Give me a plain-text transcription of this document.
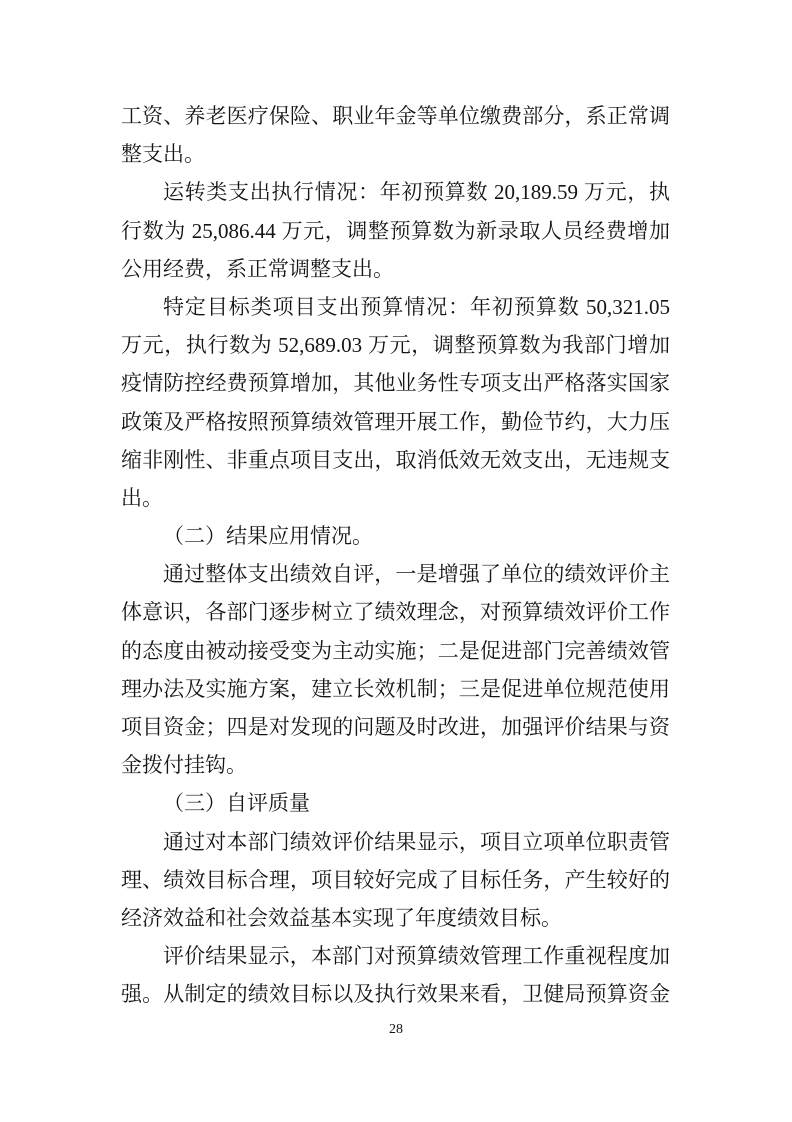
工资、养老医疗保险、职业年金等单位缴费部分，系正常调
整支出。
运转类支出执行情况：年初预算数 20,189.59 万元，执
行数为 25,086.44 万元，调整预算数为新录取人员经费增加
公用经费，系正常调整支出。
特定目标类项目支出预算情况：年初预算数 50,321.05
万元，执行数为 52,689.03 万元，调整预算数为我部门增加
疫情防控经费预算增加，其他业务性专项支出严格落实国家
政策及严格按照预算绩效管理开展工作，勤俭节约，大力压
缩非刚性、非重点项目支出，取消低效无效支出，无违规支
出。
（二）结果应用情况。
通过整体支出绩效自评，一是增强了单位的绩效评价主
体意识，各部门逐步树立了绩效理念，对预算绩效评价工作
的态度由被动接受变为主动实施；二是促进部门完善绩效管
理办法及实施方案，建立长效机制；三是促进单位规范使用
项目资金；四是对发现的问题及时改进，加强评价结果与资
金拨付挂钩。
（三）自评质量
通过对本部门绩效评价结果显示，项目立项单位职责管
理、绩效目标合理，项目较好完成了目标任务，产生较好的
经济效益和社会效益基本实现了年度绩效目标。
评价结果显示，本部门对预算绩效管理工作重视程度加
强。从制定的绩效目标以及执行效果来看，卫健局预算资金
28
